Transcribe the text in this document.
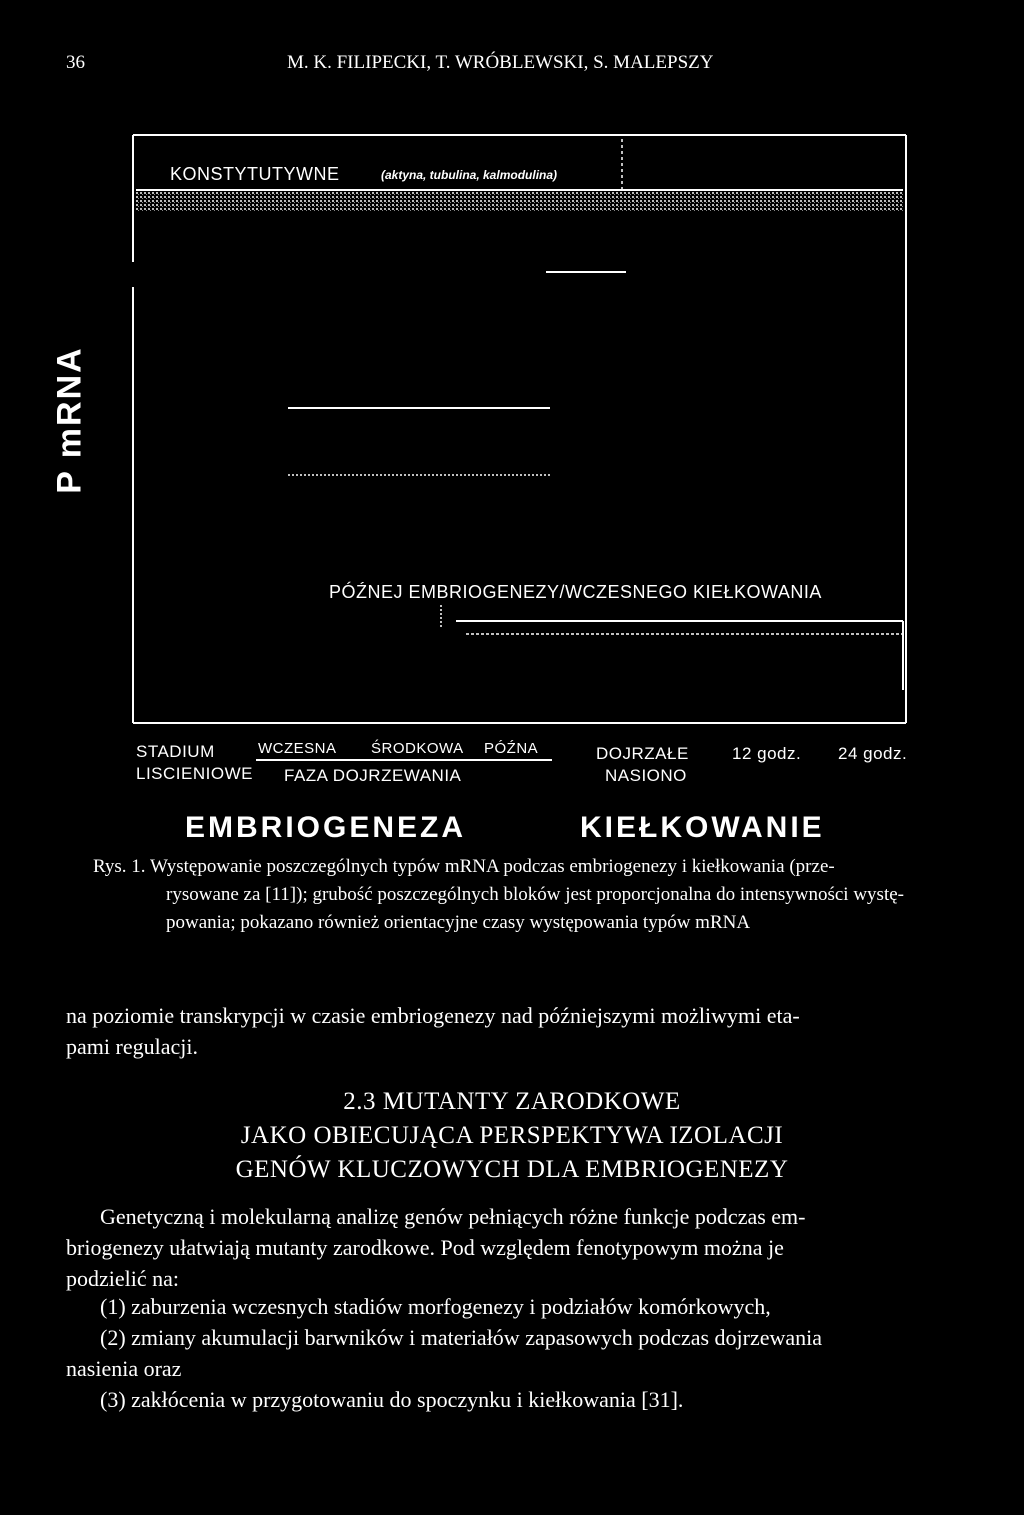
36	M. K. FILIPECKI, T. WRÓBLEWSKI, S. MALEPSZY
P mRNA
KONSTYTUTYWNE	(aktyna, tubulina, kalmodulina)
PÓŹNEJ EMBRIOGENEZY/WCZESNEGO KIEŁKOWANIA
STADIUM
LISCIENIOWE
WCZESNA ŚRODKOWA PÓŹNA
FAZA DOJRZEWANIA
DOJRZAŁE
NASIONO
12 godz. 24 godz.
EMBRIOGENEZA	KIEŁKOWANIE
Rys. 1. Występowanie poszczególnych typów mRNA podczas embriogenezy i kiełkowania (prze-
rysowane za [11]); grubość poszczególnych bloków jest proporcjonalna do intensywności wystę-
powania; pokazano również orientacyjne czasy występowania typów mRNA
na poziomie transkrypcji w czasie embriogenezy nad późniejszymi możliwymi eta-
pami regulacji.
2.3 MUTANTY ZARODKOWE
JAKO OBIECUJĄCA PERSPEKTYWA IZOLACJI
GENÓW KLUCZOWYCH DLA EMBRIOGENEZY
Genetyczną i molekularną analizę genów pełniących różne funkcje podczas em-
briogenezy ułatwiają mutanty zarodkowe. Pod względem fenotypowym można je
podzielić na:
(1) zaburzenia wczesnych stadiów morfogenezy i podziałów komórkowych,
(2) zmiany akumulacji barwników i materiałów zapasowych podczas dojrzewania
nasienia oraz
(3) zakłócenia w przygotowaniu do spoczynku i kiełkowania [31].
